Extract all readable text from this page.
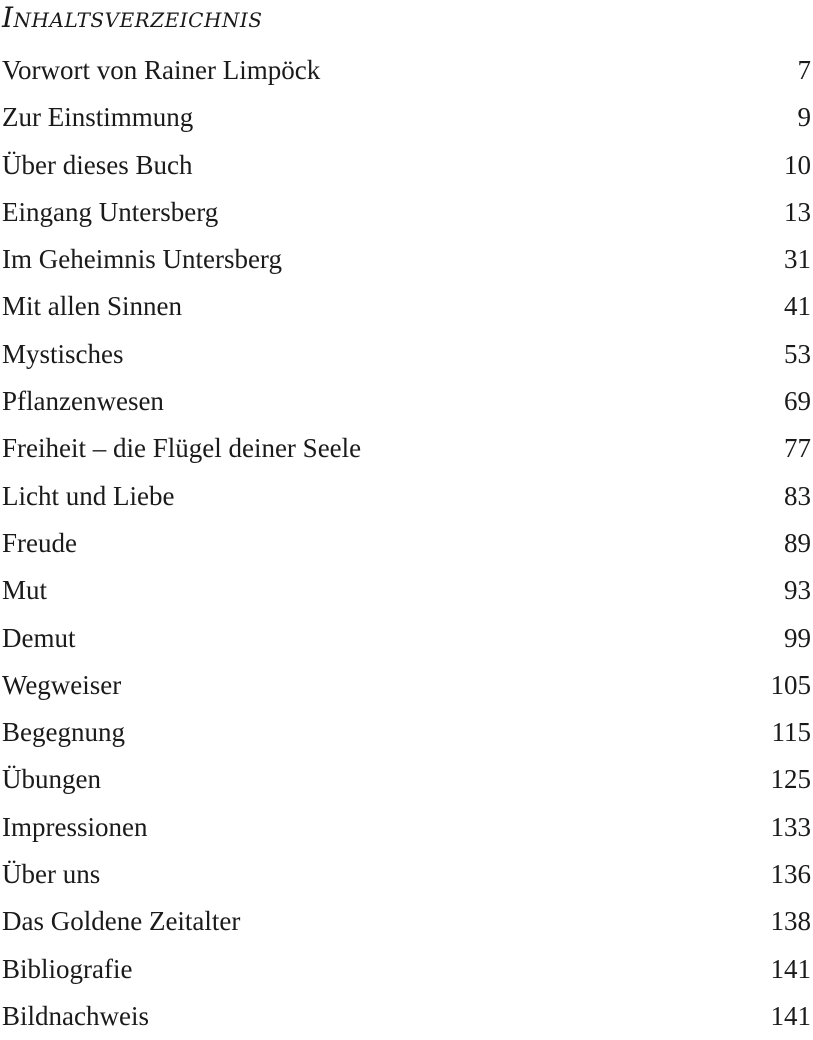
Inhaltsverzeichnis
Vorwort von Rainer Limpöck	7
Zur Einstimmung	9
Über dieses Buch	10
Eingang Untersberg	13
Im Geheimnis Untersberg	31
Mit allen Sinnen	41
Mystisches	53
Pflanzenwesen	69
Freiheit – die Flügel deiner Seele	77
Licht und Liebe	83
Freude	89
Mut	93
Demut	99
Wegweiser	105
Begegnung	115
Übungen	125
Impressionen	133
Über uns	136
Das Goldene Zeitalter	138
Bibliografie	141
Bildnachweis	141
